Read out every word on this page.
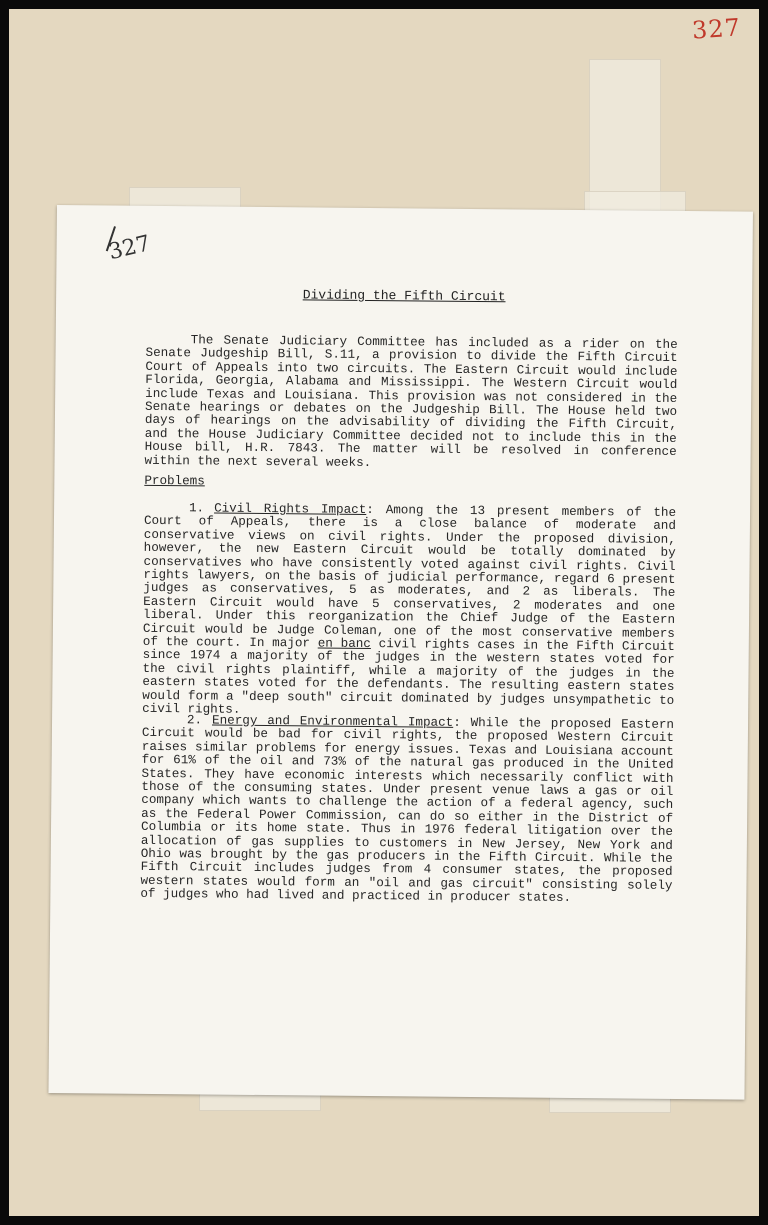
327
327
Dividing the Fifth Circuit

The Senate Judiciary Committee has included as a rider on the Senate Judgeship Bill, S.11, a provision to divide the Fifth Circuit Court of Appeals into two circuits. The Eastern Circuit would include Florida, Georgia, Alabama and Mississippi. The Western Circuit would include Texas and Louisiana. This provision was not considered in the Senate hearings or debates on the Judgeship Bill. The House held two days of hearings on the advisability of dividing the Fifth Circuit, and the House Judiciary Committee decided not to include this in the House bill, H.R. 7843. The matter will be resolved in conference within the next several weeks.

Problems

1. Civil Rights Impact: Among the 13 present members of the Court of Appeals, there is a close balance of moderate and conservative views on civil rights. Under the proposed division, however, the new Eastern Circuit would be totally dominated by conservatives who have consistently voted against civil rights. Civil rights lawyers, on the basis of judicial performance, regard 6 present judges as conservatives, 5 as moderates, and 2 as liberals. The Eastern Circuit would have 5 conservatives, 2 moderates and one liberal. Under this reorganization the Chief Judge of the Eastern Circuit would be Judge Coleman, one of the most conservative members of the court. In major en banc civil rights cases in the Fifth Circuit since 1974 a majority of the judges in the western states voted for the civil rights plaintiff, while a majority of the judges in the eastern states voted for the defendants. The resulting eastern states would form a "deep south" circuit dominated by judges unsympathetic to civil rights.

2. Energy and Environmental Impact: While the proposed Eastern Circuit would be bad for civil rights, the proposed Western Circuit raises similar problems for energy issues. Texas and Louisiana account for 61% of the oil and 73% of the natural gas produced in the United States. They have economic interests which necessarily conflict with those of the consuming states. Under present venue laws a gas or oil company which wants to challenge the action of a federal agency, such as the Federal Power Commission, can do so either in the District of Columbia or its home state. Thus in 1976 federal litigation over the allocation of gas supplies to customers in New Jersey, New York and Ohio was brought by the gas producers in the Fifth Circuit. While the Fifth Circuit includes judges from 4 consumer states, the proposed western states would form an "oil and gas circuit" consisting solely of judges who had lived and practiced in producer states.
